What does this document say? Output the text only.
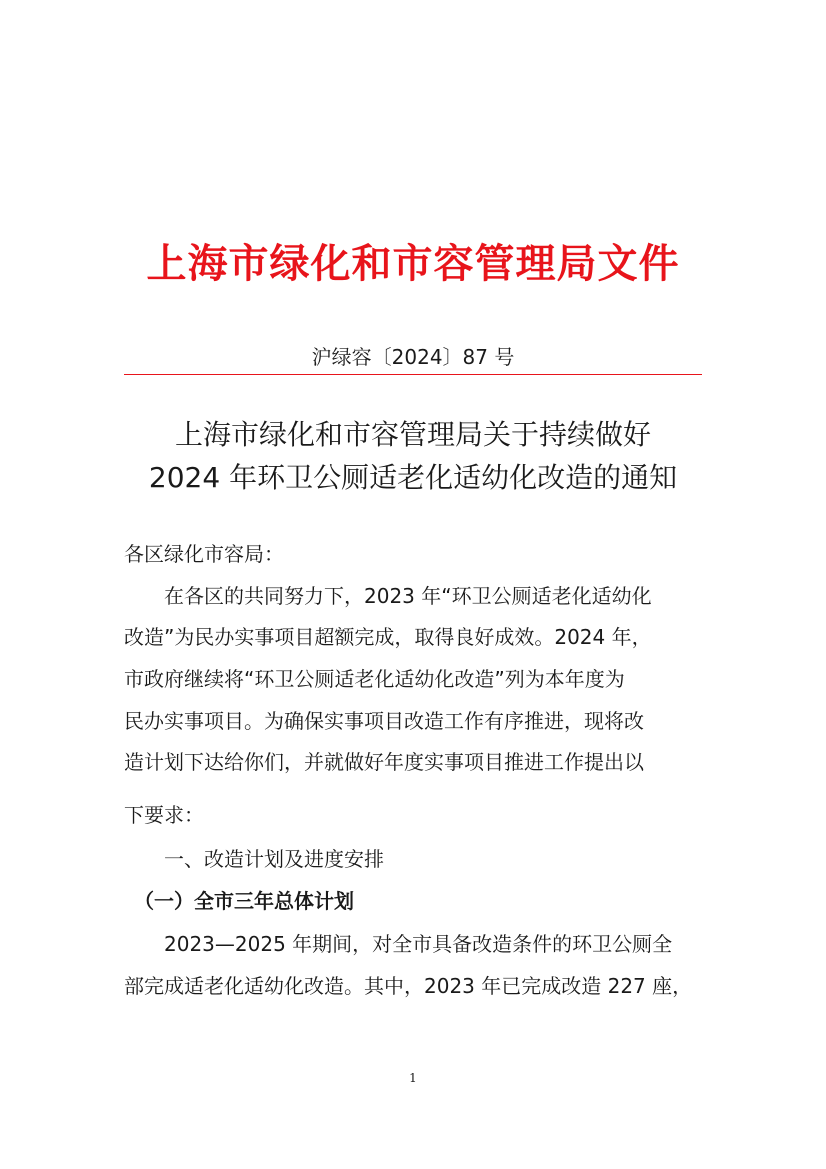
上海市绿化和市容管理局文件
沪绿容〔2024〕87 号
上海市绿化和市容管理局关于持续做好
2024 年环卫公厕适老化适幼化改造的通知
各区绿化市容局：
　　在各区的共同努力下，2023 年“环卫公厕适老化适幼化
改造”为民办实事项目超额完成，取得良好成效。2024 年，
市政府继续将“环卫公厕适老化适幼化改造”列为本年度为
民办实事项目。为确保实事项目改造工作有序推进，现将改
造计划下达给你们，并就做好年度实事项目推进工作提出以
下要求：
　　一、改造计划及进度安排
　（一）全市三年总体计划
　　2023—2025 年期间，对全市具备改造条件的环卫公厕全
部完成适老化适幼化改造。其中，2023 年已完成改造 227 座，
1
